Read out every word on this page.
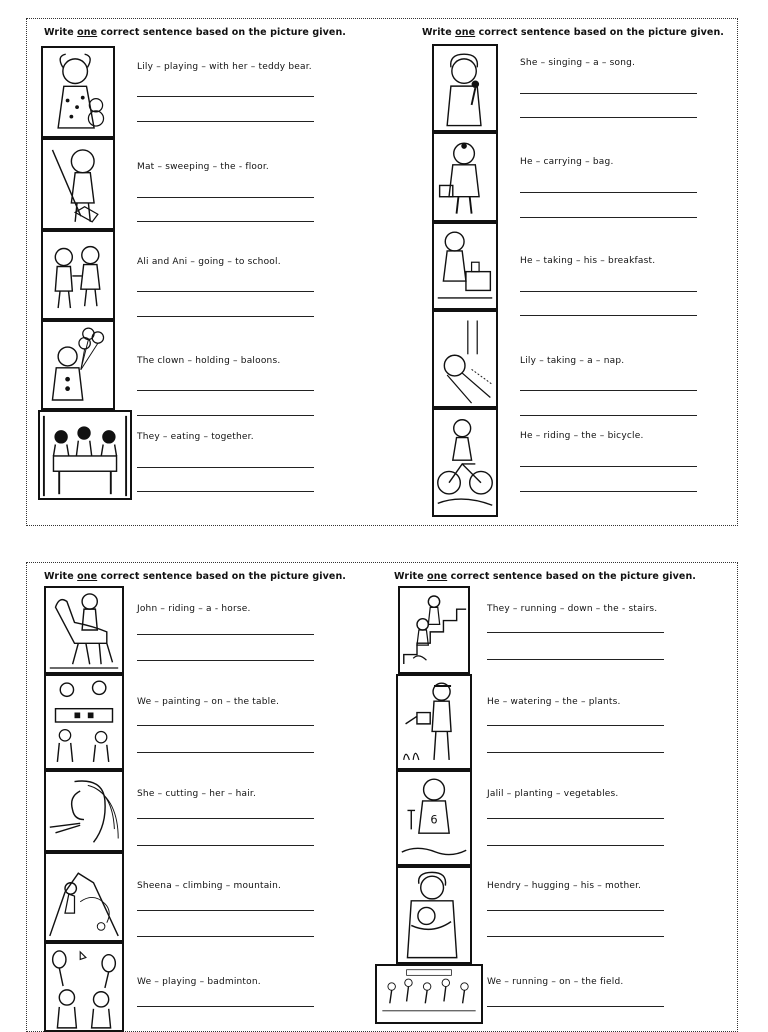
Write one correct sentence based on the picture given.	Write one correct sentence based on the picture given.
Lily – playing – with her – teddy bear.
Mat – sweeping – the - floor.
Ali and Ani – going – to school.
The clown – holding – baloons.
They – eating – together.
She – singing – a – song.
He – carrying – bag.
He – taking – his – breakfast.
Lily – taking – a – nap.
He – riding – the – bicycle.
Write one correct sentence based on the picture given.	Write one correct sentence based on the picture given.
John – riding – a - horse.
We – painting – on – the table.
She – cutting – her – hair.
Sheena – climbing – mountain.
We – playing – badminton.
They – running – down – the - stairs.
He – watering – the – plants.
6
Jalil – planting – vegetables.
Hendry – hugging – his – mother.
We – running – on – the field.
